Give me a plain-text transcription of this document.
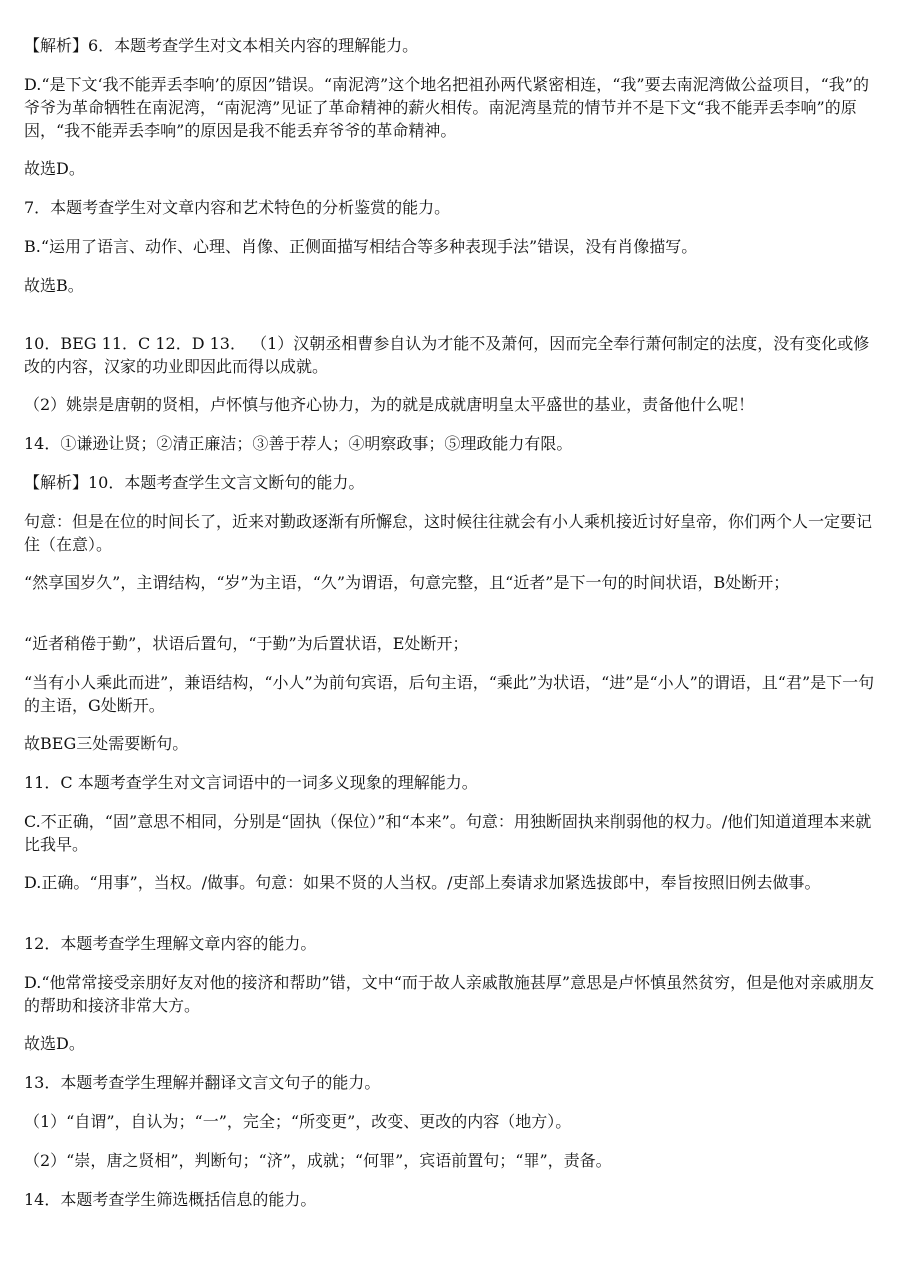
【解析】6．本题考查学生对文本相关内容的理解能力。

D.“是下文‘我不能弄丢李响’的原因”错误。“南泥湾”这个地名把祖孙两代紧密相连，“我”要去南泥湾做公益项目，“我”的爷爷为革命牺牲在南泥湾，“南泥湾”见证了革命精神的薪火相传。南泥湾垦荒的情节并不是下文“我不能弄丢李响”的原因，“我不能弄丢李响”的原因是我不能丢弃爷爷的革命精神。

故选D。

7．本题考查学生对文章内容和艺术特色的分析鉴赏的能力。

B.“运用了语言、动作、心理、肖像、正侧面描写相结合等多种表现手法”错误，没有肖像描写。

故选B。

10．BEG 11．C 12．D 13． （1）汉朝丞相曹参自认为才能不及萧何，因而完全奉行萧何制定的法度，没有变化或修改的内容，汉家的功业即因此而得以成就。

（2）姚崇是唐朝的贤相，卢怀慎与他齐心协力，为的就是成就唐明皇太平盛世的基业，责备他什么呢！

14．①谦逊让贤；②清正廉洁；③善于荐人；④明察政事；⑤理政能力有限。

【解析】10．本题考查学生文言文断句的能力。

句意：但是在位的时间长了，近来对勤政逐渐有所懈怠，这时候往往就会有小人乘机接近讨好皇帝，你们两个人一定要记住（在意）。

“然享国岁久”，主谓结构，“岁”为主语，“久”为谓语，句意完整，且“近者”是下一句的时间状语，B处断开；

“近者稍倦于勤”，状语后置句，“于勤”为后置状语，E处断开；

“当有小人乘此而进”，兼语结构，“小人”为前句宾语，后句主语，“乘此”为状语，“进”是“小人”的谓语，且“君”是下一句的主语，G处断开。

故BEG三处需要断句。

11．C 本题考查学生对文言词语中的一词多义现象的理解能力。

C.不正确，“固”意思不相同，分别是“固执（保位）”和“本来”。句意：用独断固执来削弱他的权力。/他们知道道理本来就比我早。

D.正确。“用事”，当权。/做事。句意：如果不贤的人当权。/吏部上奏请求加紧选拔郎中，奉旨按照旧例去做事。

12．本题考查学生理解文章内容的能力。

D.“他常常接受亲朋好友对他的接济和帮助”错，文中“而于故人亲戚散施甚厚”意思是卢怀慎虽然贫穷，但是他对亲戚朋友的帮助和接济非常大方。

故选D。

13．本题考查学生理解并翻译文言文句子的能力。

（1）“自谓”，自认为；“一”，完全；“所变更”，改变、更改的内容（地方）。

（2）“崇，唐之贤相”，判断句；“济”，成就；“何罪”，宾语前置句；“罪”，责备。

14．本题考查学生筛选概括信息的能力。
